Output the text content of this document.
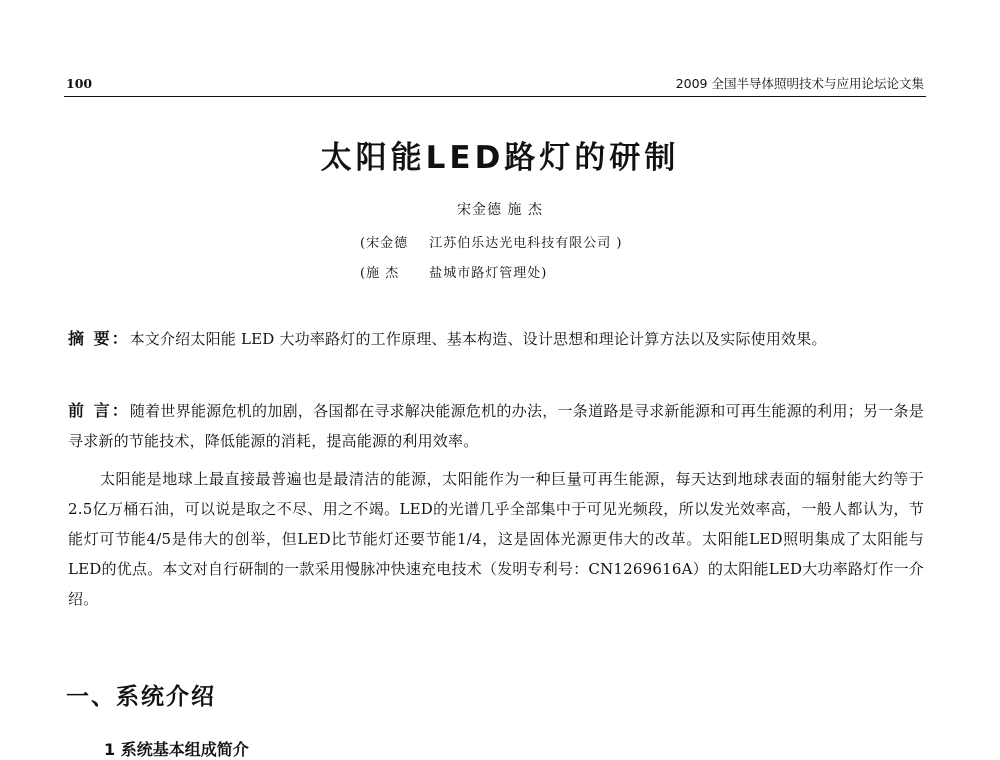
100	2009 全国半导体照明技术与应用论坛论文集
太阳能LED路灯的研制
宋金德 施 杰
(宋金德 江苏伯乐达光电科技有限公司 )
(施 杰 盐城市路灯管理处)
摘 要：本文介绍太阳能 LED 大功率路灯的工作原理、基本构造、设计思想和理论计算方法以及实际使用效果。
前 言：随着世界能源危机的加剧，各国都在寻求解决能源危机的办法，一条道路是寻求新能源和可再生能源的利用；另一条是寻求新的节能技术，降低能源的消耗，提高能源的利用效率。
太阳能是地球上最直接最普遍也是最清洁的能源，太阳能作为一种巨量可再生能源，每天达到地球表面的辐射能大约等于2.5亿万桶石油，可以说是取之不尽、用之不竭。LED的光谱几乎全部集中于可见光频段，所以发光效率高，一般人都认为，节能灯可节能4/5是伟大的创举，但LED比节能灯还要节能1/4，这是固体光源更伟大的改革。太阳能LED照明集成了太阳能与LED的优点。本文对自行研制的一款采用慢脉冲快速充电技术（发明专利号：CN1269616A）的太阳能LED大功率路灯作一介绍。
一、系统介绍
1 系统基本组成简介
